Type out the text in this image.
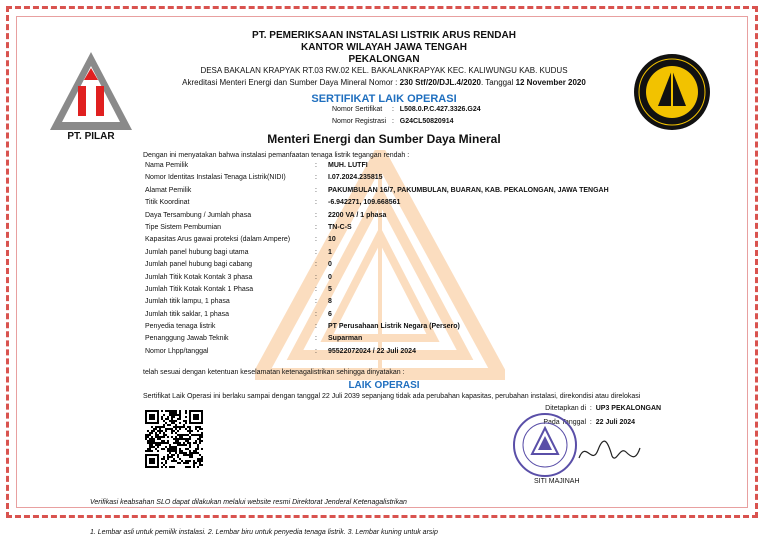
PT. PILAR
PT. PEMERIKSAAN INSTALASI LISTRIK ARUS RENDAH
KANTOR WILAYAH JAWA TENGAH
PEKALONGAN
DESA BAKALAN KRAPYAK RT.03 RW.02 KEL. BAKALANKRAPYAK KEC. KALIWUNGU KAB. KUDUS
Akreditasi Menteri Energi dan Sumber Daya Mineral Nomor : 230 Stf/20/DJL.4/2020. Tanggal 12 November 2020
SERTIFIKAT LAIK OPERASI
Nomor Sertifikat : L508.0.P.C.427.3326.G24
Nomor Registrasi : G24CL50820914
Menteri Energi dan Sumber Daya Mineral
Dengan ini menyatakan bahwa instalasi pemanfaatan tenaga listrik tegangan rendah :
Nama Pemilik	: MUH. LUTFI
Nomor Identitas Instalasi Tenaga Listrik(NIDI)	: I.07.2024.235815
Alamat Pemilik	: PAKUMBULAN 16/7, PAKUMBULAN, BUARAN, KAB. PEKALONGAN, JAWA TENGAH
Titik Koordinat	: -6.942271, 109.668561
Daya Tersambung / Jumlah phasa	: 2200 VA / 1 phasa
Tipe Sistem Pembumian	: TN-C-S
Kapasitas Arus gawai proteksi (dalam Ampere)	: 10
Jumlah panel hubung bagi utama	: 1
Jumlah panel hubung bagi cabang	: 0
Jumlah Titik Kotak Kontak 3 phasa	: 0
Jumlah Titik Kotak Kontak 1 Phasa	: 5
Jumlah titik lampu, 1 phasa	: 8
Jumlah titik saklar, 1 phasa	: 6
Penyedia tenaga listrik	: PT Perusahaan Listrik Negara (Persero)
Penanggung Jawab Teknik	: Suparman
Nomor Lhpp/tanggal	: 95522072024 / 22 Juli 2024
telah sesuai dengan ketentuan keselamatan ketenagalistrikan sehingga dinyatakan :
LAIK OPERASI
Sertifikat Laik Operasi ini berlaku sampai dengan tanggal 22 Juli 2039 sepanjang tidak ada perubahan kapasitas, perubahan instalasi, direkondisi atau direlokasi
Ditetapkan di : UP3 PEKALONGAN
Pada Tanggal : 22 Juli 2024
SITI MAJINAH
Verifikasi keabsahan SLO dapat dilakukan melalui website resmi Direktorat Jenderal Ketenagalistrikan
1. Lembar asli untuk pemilik instalasi. 2. Lembar biru untuk penyedia tenaga listrik. 3. Lembar kuning untuk arsip
